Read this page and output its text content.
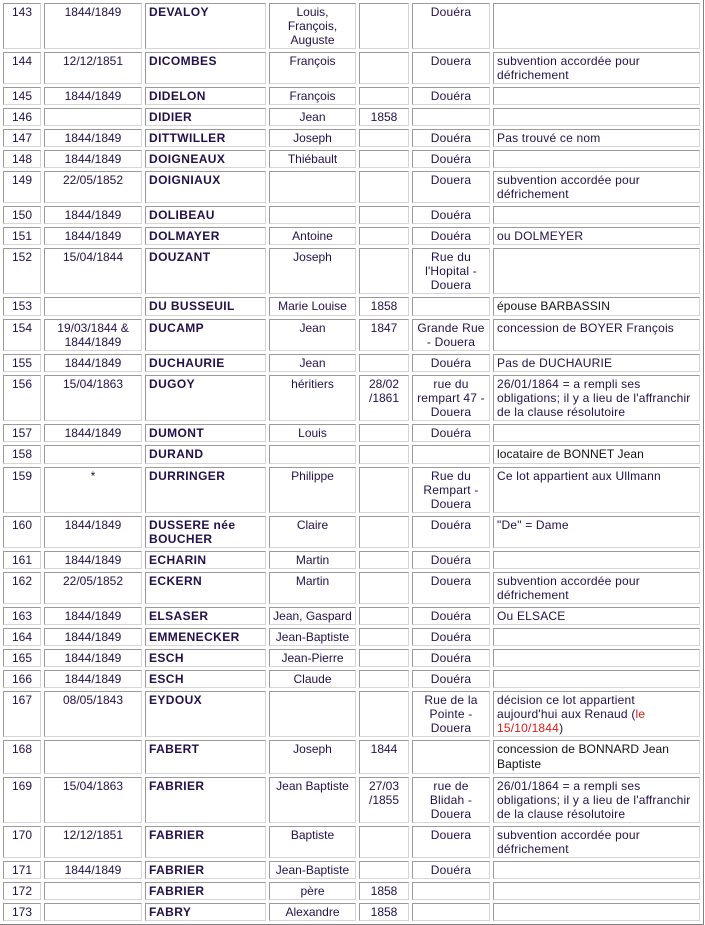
143	1844/1849	DEVALOY	Louis, François, Auguste		Douéra	
144	12/12/1851	DICOMBES	François		Douera	subvention accordée pour défrichement
145	1844/1849	DIDELON	François		Douéra	
146		DIDIER	Jean	1858		
147	1844/1849	DITTWILLER	Joseph		Douéra	Pas trouvé ce nom
148	1844/1849	DOIGNEAUX	Thiébault		Douéra	
149	22/05/1852	DOIGNIAUX			Douera	subvention accordée pour défrichement
150	1844/1849	DOLIBEAU			Douéra	
151	1844/1849	DOLMAYER	Antoine		Douéra	ou DOLMEYER
152	15/04/1844	DOUZANT	Joseph		Rue du l'Hopital - Douera	
153		DU BUSSEUIL	Marie Louise	1858		épouse BARBASSIN
154	19/03/1844 & 1844/1849	DUCAMP	Jean	1847	Grande Rue - Douera	concession de BOYER François
155	1844/1849	DUCHAURIE	Jean		Douéra	Pas de DUCHAURIE
156	15/04/1863	DUGOY	héritiers	28/02 /1861	rue du rempart 47 - Douera	26/01/1864 = a rempli ses obligations; il y a lieu de l'affranchir de la clause résolutoire
157	1844/1849	DUMONT	Louis		Douéra	
158		DURAND				locataire de BONNET Jean
159	*	DURRINGER	Philippe		Rue du Rempart - Douera	Ce lot appartient aux Ullmann
160	1844/1849	DUSSERE née BOUCHER	Claire		Douéra	"De" = Dame
161	1844/1849	ECHARIN	Martin		Douéra	
162	22/05/1852	ECKERN	Martin		Douera	subvention accordée pour défrichement
163	1844/1849	ELSASER	Jean, Gaspard		Douéra	Ou ELSACE
164	1844/1849	EMMENECKER	Jean-Baptiste		Douéra	
165	1844/1849	ESCH	Jean-Pierre		Douéra	
166	1844/1849	ESCH	Claude		Douéra	
167	08/05/1843	EYDOUX			Rue de la Pointe - Douera	décision ce lot appartient aujourd'hui aux Renaud (le 15/10/1844)
168		FABERT	Joseph	1844		concession de BONNARD Jean Baptiste
169	15/04/1863	FABRIER	Jean Baptiste	27/03 /1855	rue de Blidah - Douera	26/01/1864 = a rempli ses obligations; il y a lieu de l'affranchir de la clause résolutoire
170	12/12/1851	FABRIER	Baptiste		Douera	subvention accordée pour défrichement
171	1844/1849	FABRIER	Jean-Baptiste		Douéra	
172		FABRIER	père	1858		
173		FABRY	Alexandre	1858		
